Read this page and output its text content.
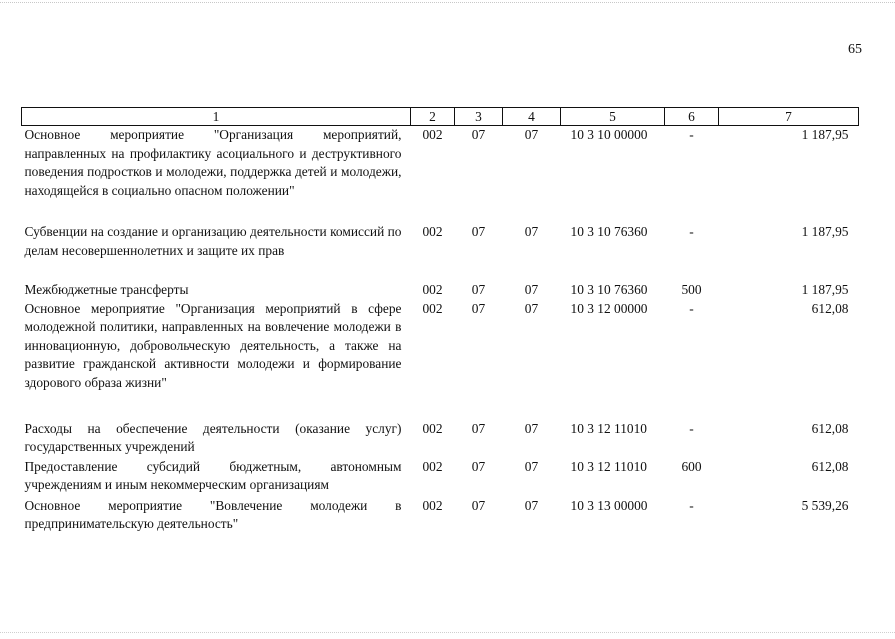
65
1	2	3	4	5	6	7
Основное мероприятие "Организация мероприятий, направленных на профилактику асоциального и деструктивного поведения подростков и молодежи, поддержка детей и молодежи, находящейся в социально опасном положении"	002	07	07	10 3 10 00000	-	1 187,95
Субвенции на создание и организацию деятельности комиссий по делам несовершеннолетних и защите их прав	002	07	07	10 3 10 76360	-	1 187,95
Межбюджетные трансферты	002	07	07	10 3 10 76360	500	1 187,95
Основное мероприятие "Организация мероприятий в сфере молодежной политики, направленных на вовлечение молодежи в инновационную, добровольческую деятельность, а также на развитие гражданской активности молодежи и формирование здорового образа жизни"	002	07	07	10 3 12 00000	-	612,08
Расходы на обеспечение деятельности (оказание услуг) государственных учреждений	002	07	07	10 3 12 11010	-	612,08
Предоставление субсидий бюджетным, автономным учреждениям и иным некоммерческим организациям	002	07	07	10 3 12 11010	600	612,08
Основное мероприятие "Вовлечение молодежи в предпринимательскую деятельность"	002	07	07	10 3 13 00000	-	5 539,26
